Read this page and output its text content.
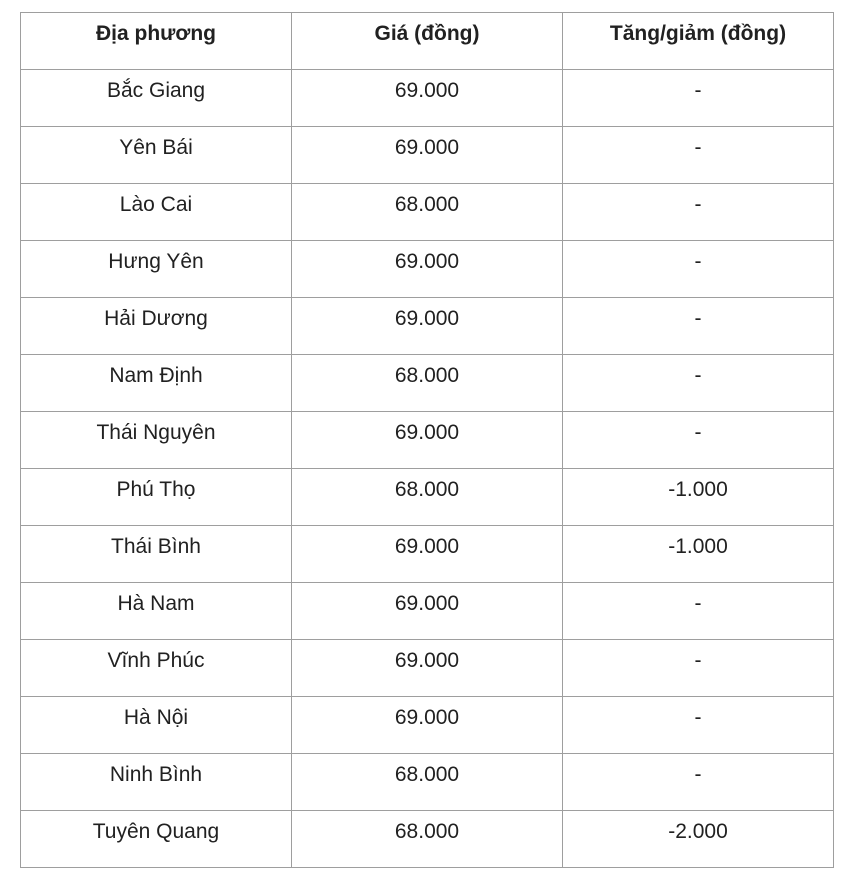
Địa phương	Giá (đồng)	Tăng/giảm (đồng)
Bắc Giang	69.000	-
Yên Bái	69.000	-
Lào Cai	68.000	-
Hưng Yên	69.000	-
Hải Dương	69.000	-
Nam Định	68.000	-
Thái Nguyên	69.000	-
Phú Thọ	68.000	-1.000
Thái Bình	69.000	-1.000
Hà Nam	69.000	-
Vĩnh Phúc	69.000	-
Hà Nội	69.000	-
Ninh Bình	68.000	-
Tuyên Quang	68.000	-2.000
